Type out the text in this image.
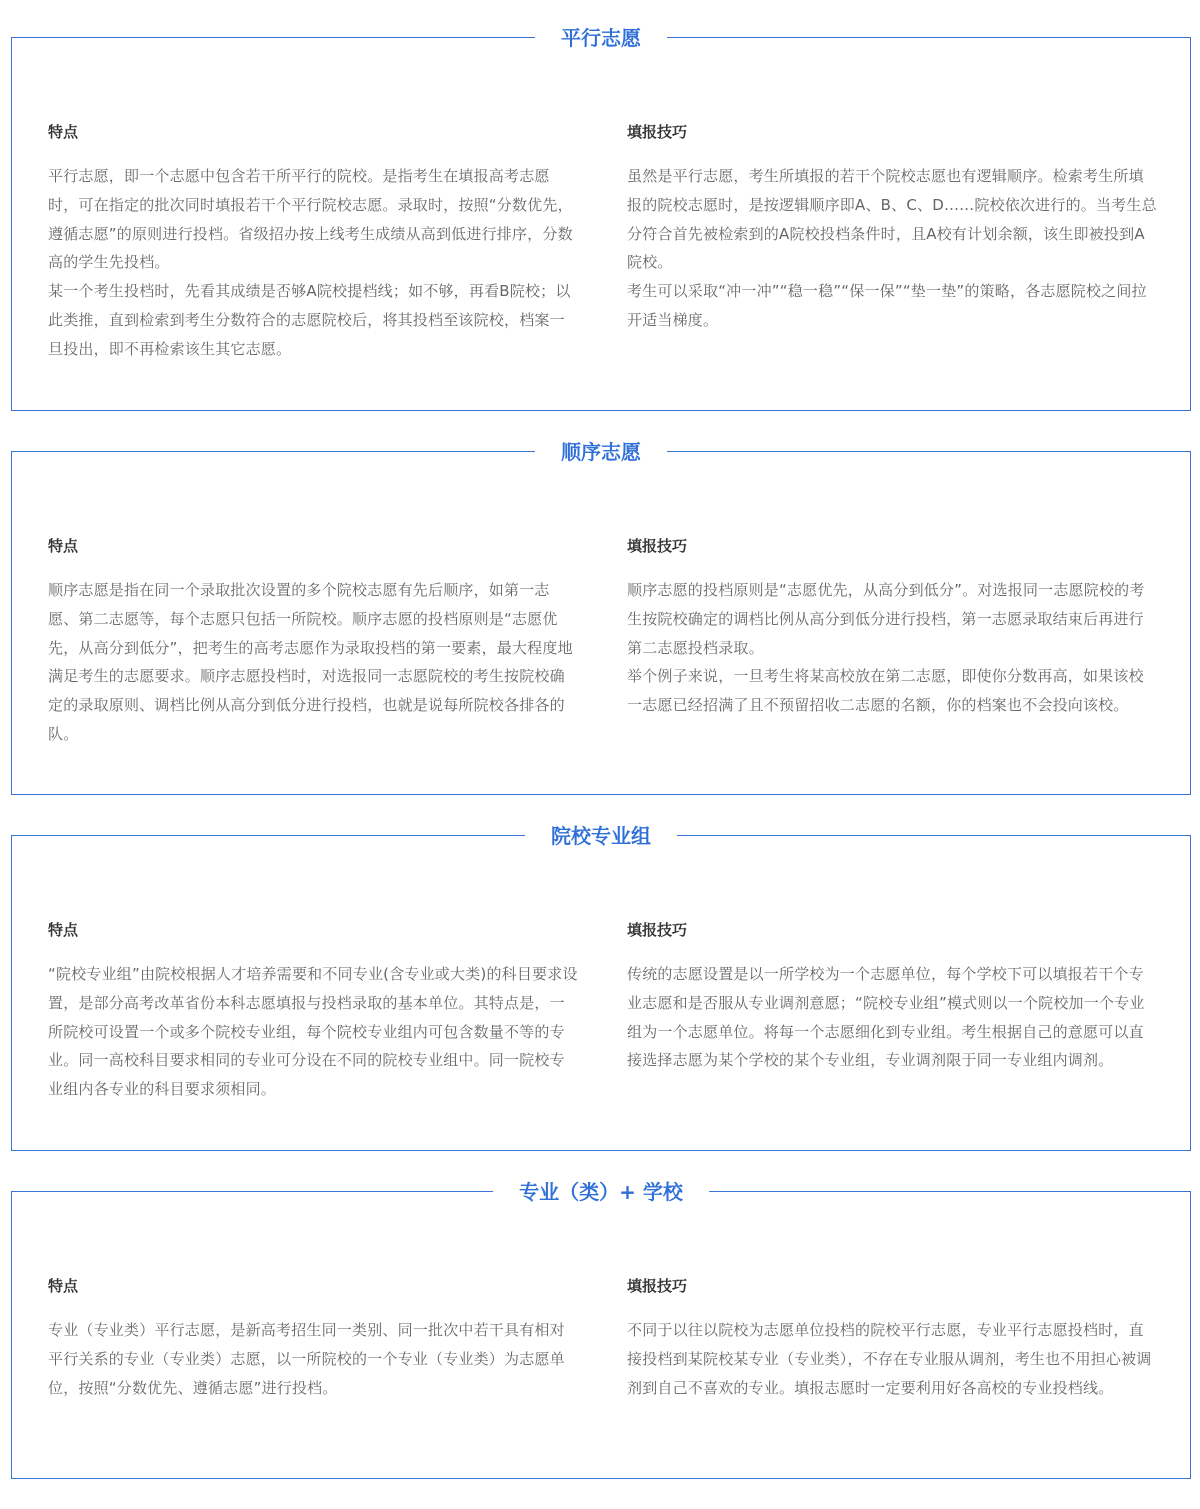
平行志愿
特点

平行志愿，即一个志愿中包含若干所平行的院校。是指考生在填报高考志愿时，可在指定的批次同时填报若干个平行院校志愿。录取时，按照“分数优先，遵循志愿”的原则进行投档。省级招办按上线考生成绩从高到低进行排序，分数高的学生先投档。

某一个考生投档时，先看其成绩是否够A院校提档线；如不够，再看B院校；以此类推，直到检索到考生分数符合的志愿院校后，将其投档至该院校，档案一旦投出，即不再检索该生其它志愿。

填报技巧

虽然是平行志愿，考生所填报的若干个院校志愿也有逻辑顺序。检索考生所填报的院校志愿时，是按逻辑顺序即A、B、C、D……院校依次进行的。当考生总分符合首先被检索到的A院校投档条件时，且A校有计划余额，该生即被投到A院校。

考生可以采取“冲一冲”“稳一稳”“保一保”“垫一垫”的策略，各志愿院校之间拉开适当梯度。

顺序志愿
特点

顺序志愿是指在同一个录取批次设置的多个院校志愿有先后顺序，如第一志愿、第二志愿等，每个志愿只包括一所院校。顺序志愿的投档原则是“志愿优先，从高分到低分”，把考生的高考志愿作为录取投档的第一要素，最大程度地满足考生的志愿要求。顺序志愿投档时，对选报同一志愿院校的考生按院校确定的录取原则、调档比例从高分到低分进行投档，也就是说每所院校各排各的队。

填报技巧

顺序志愿的投档原则是“志愿优先，从高分到低分”。对选报同一志愿院校的考生按院校确定的调档比例从高分到低分进行投档，第一志愿录取结束后再进行第二志愿投档录取。

举个例子来说，一旦考生将某高校放在第二志愿，即使你分数再高，如果该校一志愿已经招满了且不预留招收二志愿的名额，你的档案也不会投向该校。

院校专业组
特点

“院校专业组”由院校根据人才培养需要和不同专业(含专业或大类)的科目要求设置，是部分高考改革省份本科志愿填报与投档录取的基本单位。其特点是，一所院校可设置一个或多个院校专业组，每个院校专业组内可包含数量不等的专业。同一高校科目要求相同的专业可分设在不同的院校专业组中。同一院校专业组内各专业的科目要求须相同。

填报技巧

传统的志愿设置是以一所学校为一个志愿单位，每个学校下可以填报若干个专业志愿和是否服从专业调剂意愿；“院校专业组”模式则以一个院校加一个专业组为一个志愿单位。将每一个志愿细化到专业组。考生根据自己的意愿可以直接选择志愿为某个学校的某个专业组，专业调剂限于同一专业组内调剂。

专业（类）+ 学校
特点

专业（专业类）平行志愿，是新高考招生同一类别、同一批次中若干具有相对平行关系的专业（专业类）志愿，以一所院校的一个专业（专业类）为志愿单位，按照“分数优先、遵循志愿”进行投档。

填报技巧

不同于以往以院校为志愿单位投档的院校平行志愿，专业平行志愿投档时，直接投档到某院校某专业（专业类），不存在专业服从调剂，考生也不用担心被调剂到自己不喜欢的专业。填报志愿时一定要利用好各高校的专业投档线。
